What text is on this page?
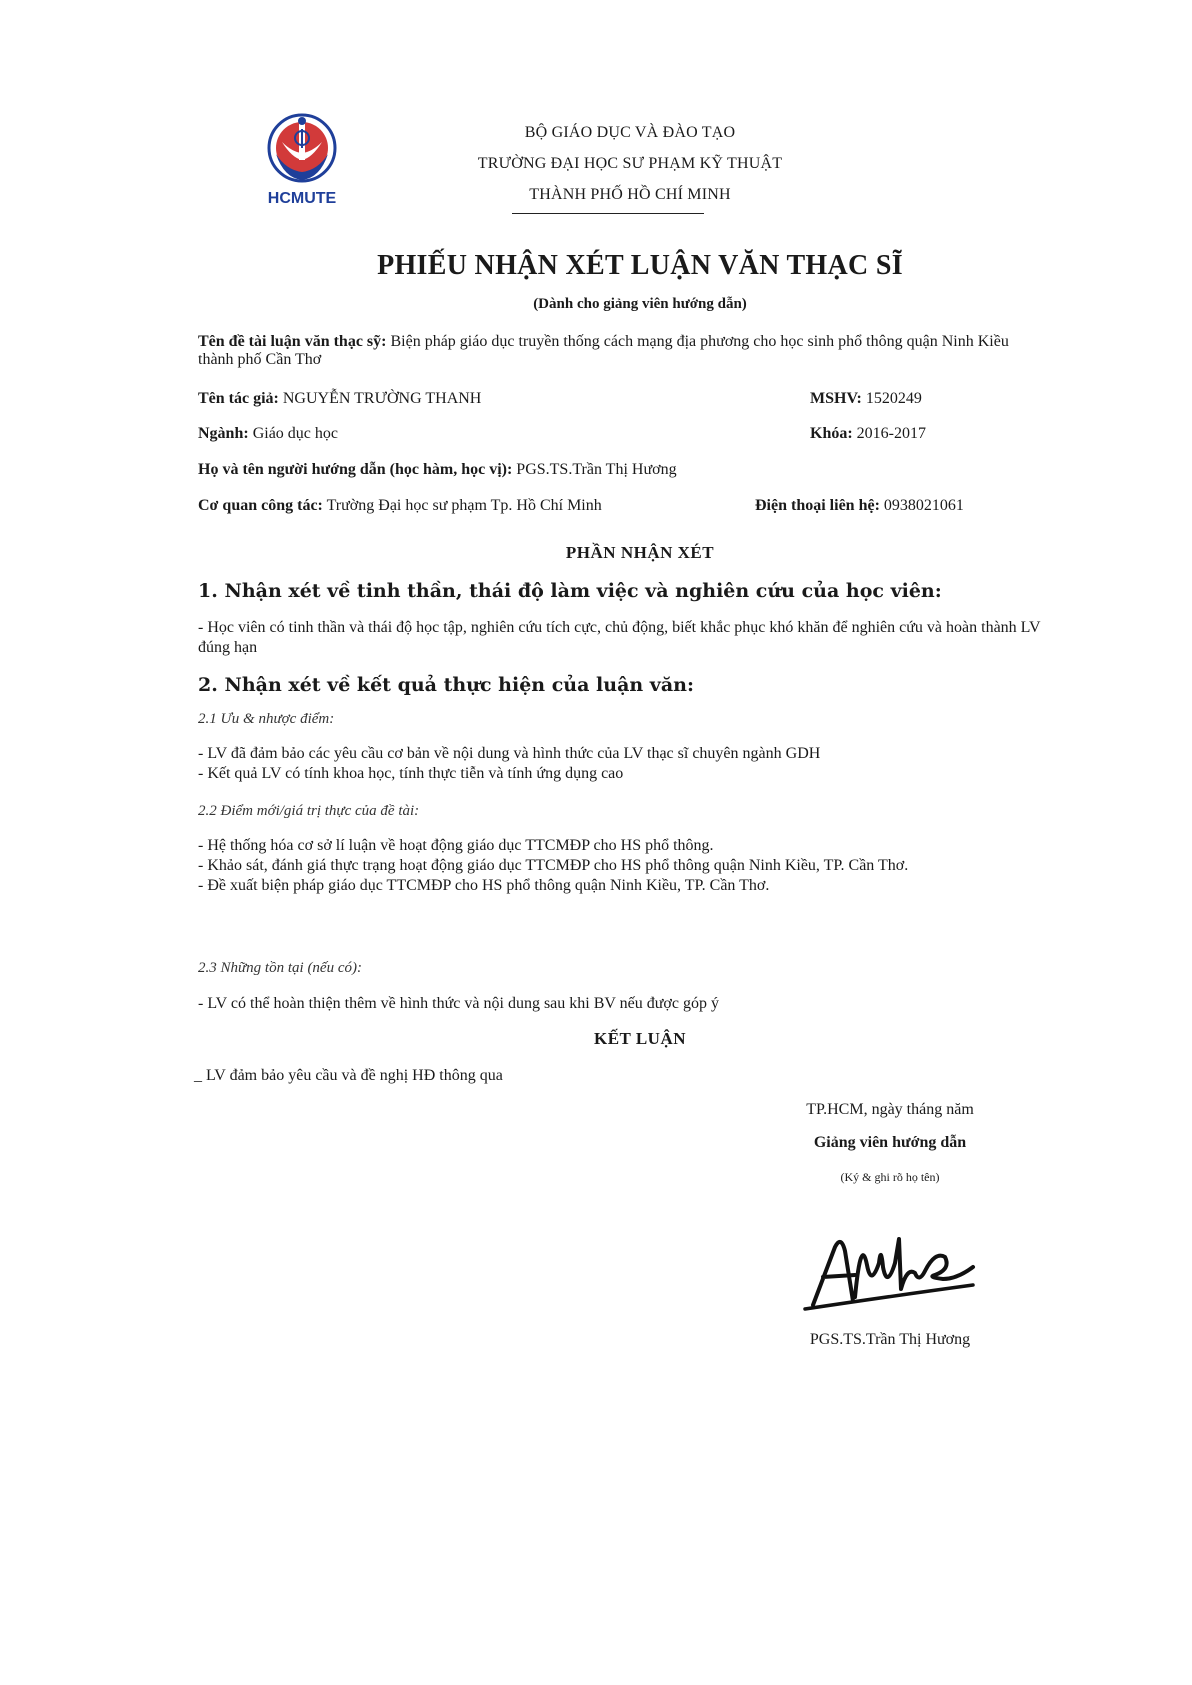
HCMUTE
BỘ GIÁO DỤC VÀ ĐÀO TẠO
TRƯỜNG ĐẠI HỌC SƯ PHẠM KỸ THUẬT
THÀNH PHỐ HỒ CHÍ MINH
PHIẾU NHẬN XÉT LUẬN VĂN THẠC SĨ
(Dành cho giảng viên hướng dẫn)
Tên đề tài luận văn thạc sỹ: Biện pháp giáo dục truyền thống cách mạng địa phương cho học sinh phổ thông quận Ninh Kiều thành phố Cần Thơ
Tên tác giả: NGUYỄN TRƯỜNG THANH	MSHV: 1520249
Ngành: Giáo dục học	Khóa: 2016-2017
Họ và tên người hướng dẫn (học hàm, học vị): PGS.TS.Trần Thị Hương
Cơ quan công tác: Trường Đại học sư phạm Tp. Hồ Chí Minh	Điện thoại liên hệ: 0938021061
PHẦN NHẬN XÉT
1. Nhận xét về tinh thần, thái độ làm việc và nghiên cứu của học viên:
- Học viên có tinh thần và thái độ học tập, nghiên cứu tích cực, chủ động, biết khắc phục khó khăn để nghiên cứu và hoàn thành LV đúng hạn
2. Nhận xét về kết quả thực hiện của luận văn:
2.1 Ưu & nhược điểm:
- LV đã đảm bảo các yêu cầu cơ bản về nội dung và hình thức của LV thạc sĩ chuyên ngành GDH
- Kết quả LV có tính khoa học, tính thực tiễn và tính ứng dụng cao
2.2 Điểm mới/giá trị thực của đề tài:
- Hệ thống hóa cơ sở lí luận về hoạt động giáo dục TTCMĐP cho HS phổ thông.
- Khảo sát, đánh giá thực trạng hoạt động giáo dục TTCMĐP cho HS phổ thông quận Ninh Kiều, TP. Cần Thơ.
- Đề xuất biện pháp giáo dục TTCMĐP cho HS phổ thông quận Ninh Kiều, TP. Cần Thơ.
2.3 Những tồn tại (nếu có):
- LV có thể hoàn thiện thêm về hình thức và nội dung sau khi BV nếu được góp ý
KẾT LUẬN
_ LV đảm bảo yêu cầu và đề nghị HĐ thông qua
TP.HCM, ngày tháng năm
Giảng viên hướng dẫn
(Ký & ghi rõ họ tên)
PGS.TS.Trần Thị Hương
